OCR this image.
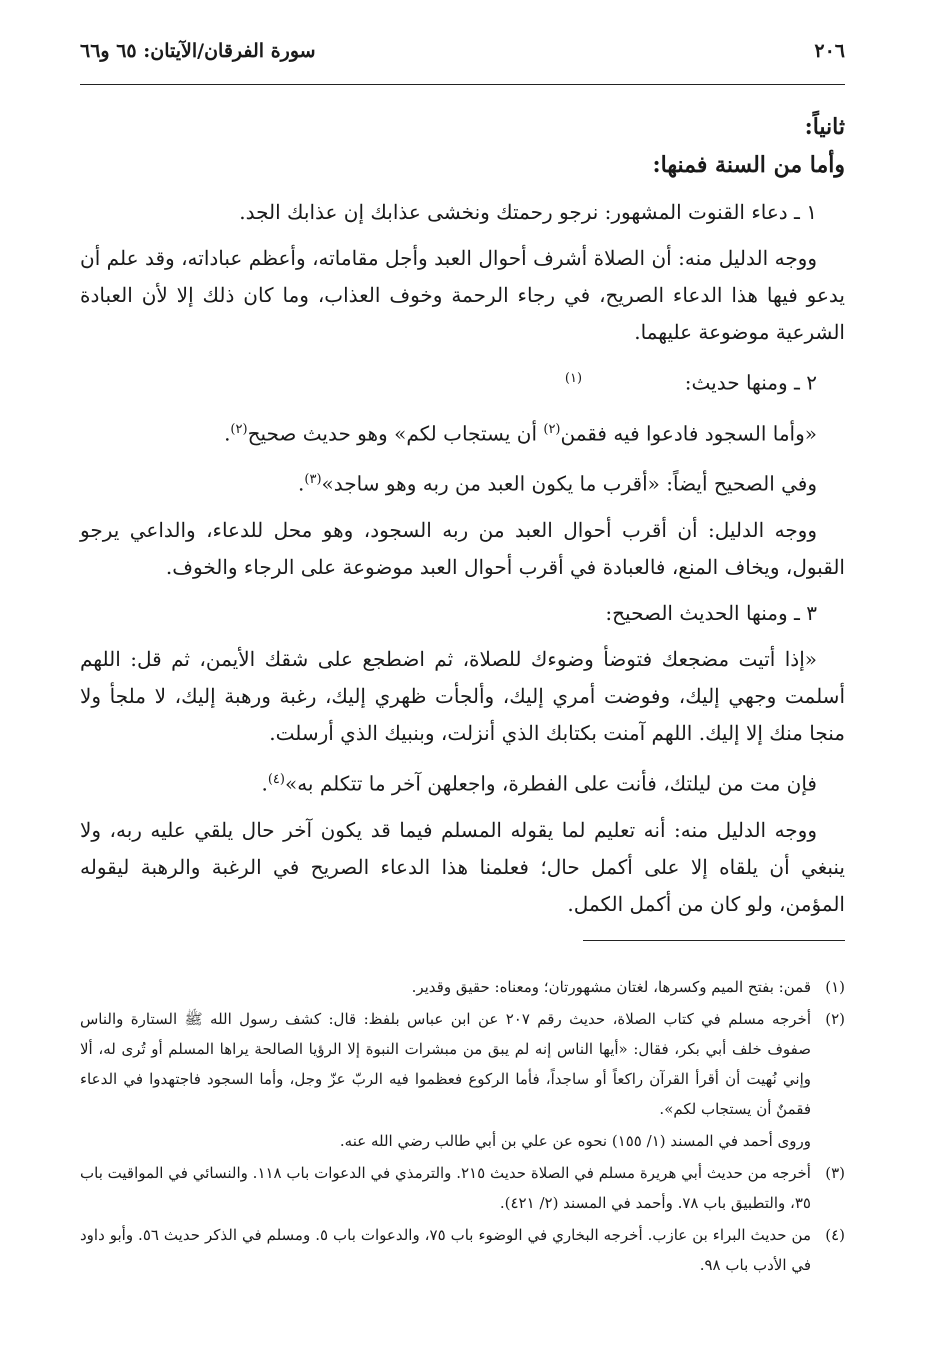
٢٠٦
سورة الفرقان/الآيتان: ٦٥ و٦٦

ثانياً:

وأما من السنة فمنها:

١ ـ دعاء القنوت المشهور: نرجو رحمتك ونخشى عذابك إن عذابك الجد.

ووجه الدليل منه: أن الصلاة أشرف أحوال العبد وأجل مقاماته، وأعظم عباداته، وقد علم أن يدعو فيها هذا الدعاء الصريح، في رجاء الرحمة وخوف العذاب، وما كان ذلك إلا لأن العبادة الشرعية موضوعة عليهما.

٢ ـ ومنها حديث:  $^{(١)}$

«وأما السجود فادعوا فيه فقمن$^{(٢)}$ أن يستجاب لكم» وهو حديث صحيح$^{(٢)}$.

وفي الصحيح أيضاً: «أقرب ما يكون العبد من ربه وهو ساجد»$^{(٣)}$.

ووجه الدليل: أن أقرب أحوال العبد من ربه السجود، وهو محل للدعاء، والداعي يرجو القبول، ويخاف المنع، فالعبادة في أقرب أحوال العبد موضوعة على الرجاء والخوف.

٣ ـ ومنها الحديث الصحيح:

«إذا أتيت مضجعك فتوضأ وضوءك للصلاة، ثم اضطجع على شقك الأيمن، ثم قل: اللهم أسلمت وجهي إليك، وفوضت أمري إليك، وألجأت ظهري إليك، رغبة ورهبة إليك، لا ملجأ ولا منجا منك إلا إليك. اللهم آمنت بكتابك الذي أنزلت، وبنبيك الذي أرسلت.

فإن مت من ليلتك، فأنت على الفطرة، واجعلهن آخر ما تتكلم به»$^{(٤)}$.

ووجه الدليل منه: أنه تعليم لما يقوله المسلم فيما قد يكون آخر حال يلقي عليه ربه، ولا ينبغي أن يلقاه إلا على أكمل حال؛ فعلمنا هذا الدعاء الصريح في الرغبة والرهبة ليقوله المؤمن، ولو كان من أكمل الكمل.

(١)
قمن: بفتح الميم وكسرها، لغتان مشهورتان؛ ومعناه: حقيق وقدير.
(٢)
أخرجه مسلم في كتاب الصلاة، حديث رقم ٢٠٧ عن ابن عباس بلفظ: قال: كشف رسول الله ﷺ الستارة والناس صفوف خلف أبي بكر، فقال: «أيها الناس إنه لم يبق من مبشرات النبوة إلا الرؤيا الصالحة يراها المسلم أو تُرى له، ألا وإني نُهيت أن أقرأ القرآن راكعاً أو ساجداً، فأما الركوع فعظموا فيه الربّ عزّ وجل، وأما السجود فاجتهدوا في الدعاء فقمنٌ أن يستجاب لكم».
وروى أحمد في المسند (١/ ١٥٥) نحوه عن علي بن أبي طالب رضي الله عنه.
(٣)
أخرجه من حديث أبي هريرة مسلم في الصلاة حديث ٢١٥. والترمذي في الدعوات باب ١١٨. والنسائي في المواقيت باب ٣٥، والتطبيق باب ٧٨. وأحمد في المسند (٢/ ٤٢١).
(٤)
من حديث البراء بن عازب. أخرجه البخاري في الوضوء باب ٧٥، والدعوات باب ٥. ومسلم في الذكر حديث ٥٦. وأبو داود في الأدب باب ٩٨.
